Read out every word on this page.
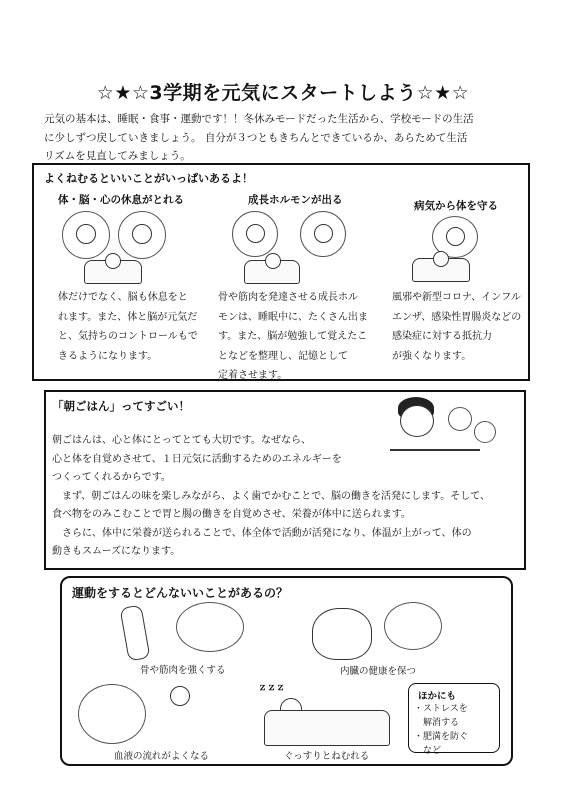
☆★☆3学期を元気にスタートしよう☆★☆

元気の基本は、睡眠・食事・運動です！！冬休みモードだった生活から、学校モードの生活

に少しずつ戻していきましょう。 自分が３つともきちんとできているか、あらためて生活

リズムを見直してみましょう。

よくねむるといいことがいっぱいあるよ！
体・脳・心の休息がとれる
体だけでなく、脳も休息をと
れます。また、体と脳が元気だ
と、気持ちのコントロールもで
きるようになります。
成長ホルモンが出る
骨や筋肉を発達させる成長ホル
モンは、睡眠中に、たくさん出ま
す。また、脳が勉強して覚えたこ
となどを整理し、記憶として
定着させます。
病気から体を守る
風邪や新型コロナ、インフル
エンザ、感染性胃腸炎などの
感染症に対する抵抗力
が強くなります。
「朝ごはん」ってすごい！

朝ごはんは、心と体にとってとても大切です。なぜなら、

心と体を自覚めさせて、１日元気に活動するためのエネルギーを

つくってくれるからです。

　まず、朝ごはんの味を楽しみながら、よく歯でかむことで、脳の働きを活発にします。そして、

食べ物をのみこむことで胃と腸の働きを自覚めさせ、栄養が体中に送られます。

　さらに、体中に栄養が送られることで、体全体で活動が活発になり、体温が上がって、体の

動きもスムーズになります。

運動をするとどんないいことがあるの？
骨や筋肉を強くする	内臓の健康を保つ
血液の流れがよくなる
ｚｚｚ
ぐっすりとねむれる
ほかにも
・ストレスを
　解消する
・肥満を防ぐ
　など
